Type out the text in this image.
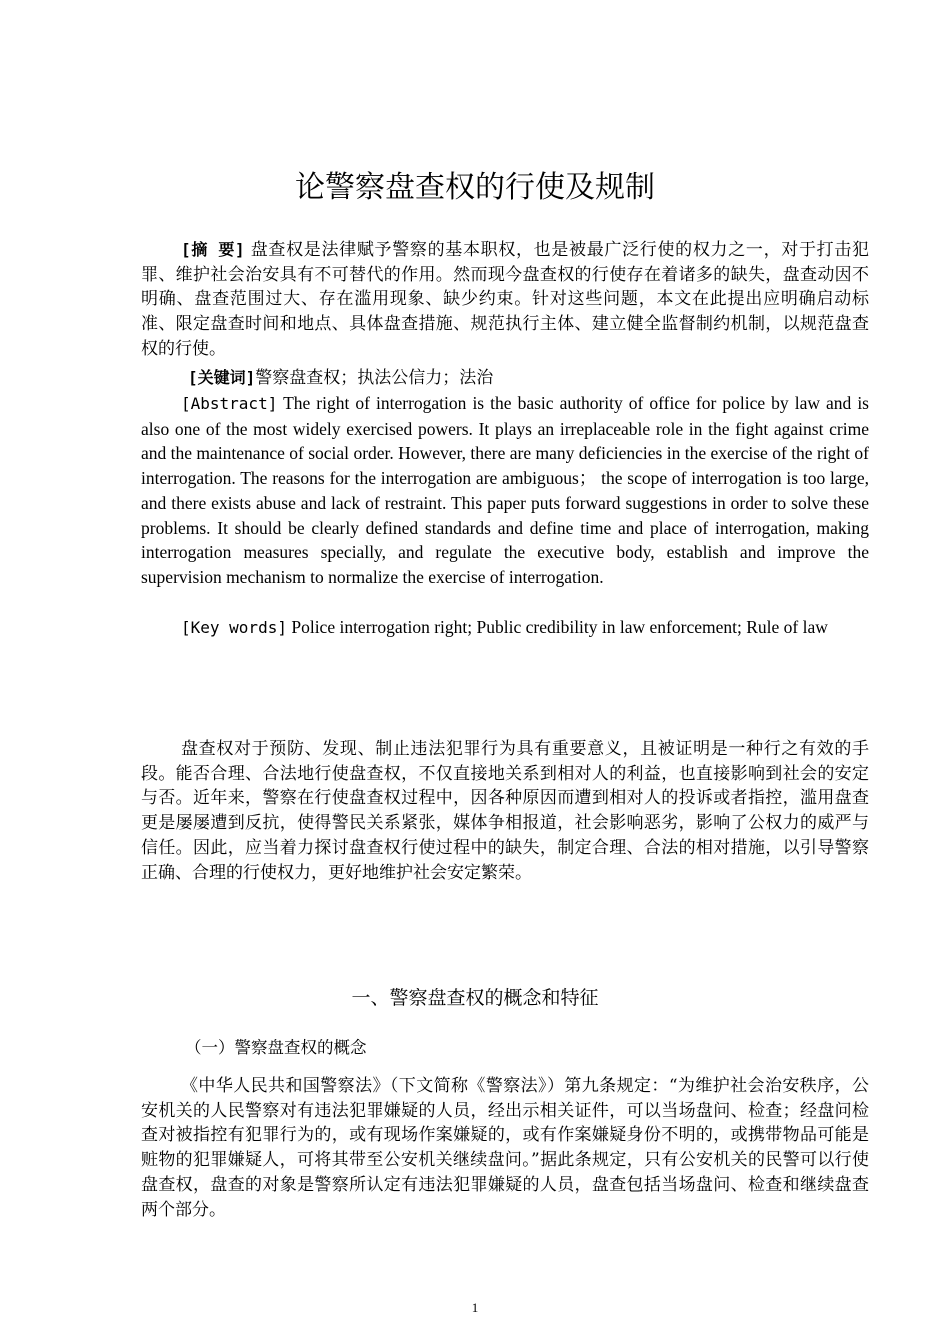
论警察盘查权的行使及规制

[摘 要] 盘查权是法律赋予警察的基本职权，也是被最广泛行使的权力之一，对于打击犯罪、维护社会治安具有不可替代的作用。然而现今盘查权的行使存在着诸多的缺失，盘查动因不明确、盘查范围过大、存在滥用现象、缺少约束。针对这些问题，本文在此提出应明确启动标准、限定盘查时间和地点、具体盘查措施、规范执行主体、建立健全监督制约机制，以规范盘查权的行使。

[关键词]警察盘查权；执法公信力；法治

[Abstract] The right of interrogation is the basic authority of office for police by law and is also one of the most widely exercised powers. It plays an irreplaceable role in the fight against crime and the maintenance of social order. However, there are many deficiencies in the exercise of the right of interrogation. The reasons for the interrogation are ambiguous； the scope of interrogation is too large, and there exists abuse and lack of restraint. This paper puts forward suggestions in order to solve these problems. It should be clearly defined standards and define time and place of interrogation, making interrogation measures specially, and regulate the executive body, establish and improve the supervision mechanism to normalize the exercise of interrogation.

[Key words] Police interrogation right; Public credibility in law enforcement; Rule of law

盘查权对于预防、发现、制止违法犯罪行为具有重要意义，且被证明是一种行之有效的手段。能否合理、合法地行使盘查权，不仅直接地关系到相对人的利益，也直接影响到社会的安定与否。近年来，警察在行使盘查权过程中，因各种原因而遭到相对人的投诉或者指控，滥用盘查更是屡屡遭到反抗，使得警民关系紧张，媒体争相报道，社会影响恶劣，影响了公权力的威严与信任。因此，应当着力探讨盘查权行使过程中的缺失，制定合理、合法的相对措施，以引导警察正确、合理的行使权力，更好地维护社会安定繁荣。

一、警察盘查权的概念和特征
（一）警察盘查权的概念

《中华人民共和国警察法》（下文简称《警察法》）第九条规定：“为维护社会治安秩序，公安机关的人民警察对有违法犯罪嫌疑的人员，经出示相关证件，可以当场盘问、检查；经盘问检查对被指控有犯罪行为的，或有现场作案嫌疑的，或有作案嫌疑身份不明的，或携带物品可能是赃物的犯罪嫌疑人，可将其带至公安机关继续盘问。”据此条规定，只有公安机关的民警可以行使盘查权，盘查的对象是警察所认定有违法犯罪嫌疑的人员，盘查包括当场盘问、检查和继续盘查两个部分。

1
